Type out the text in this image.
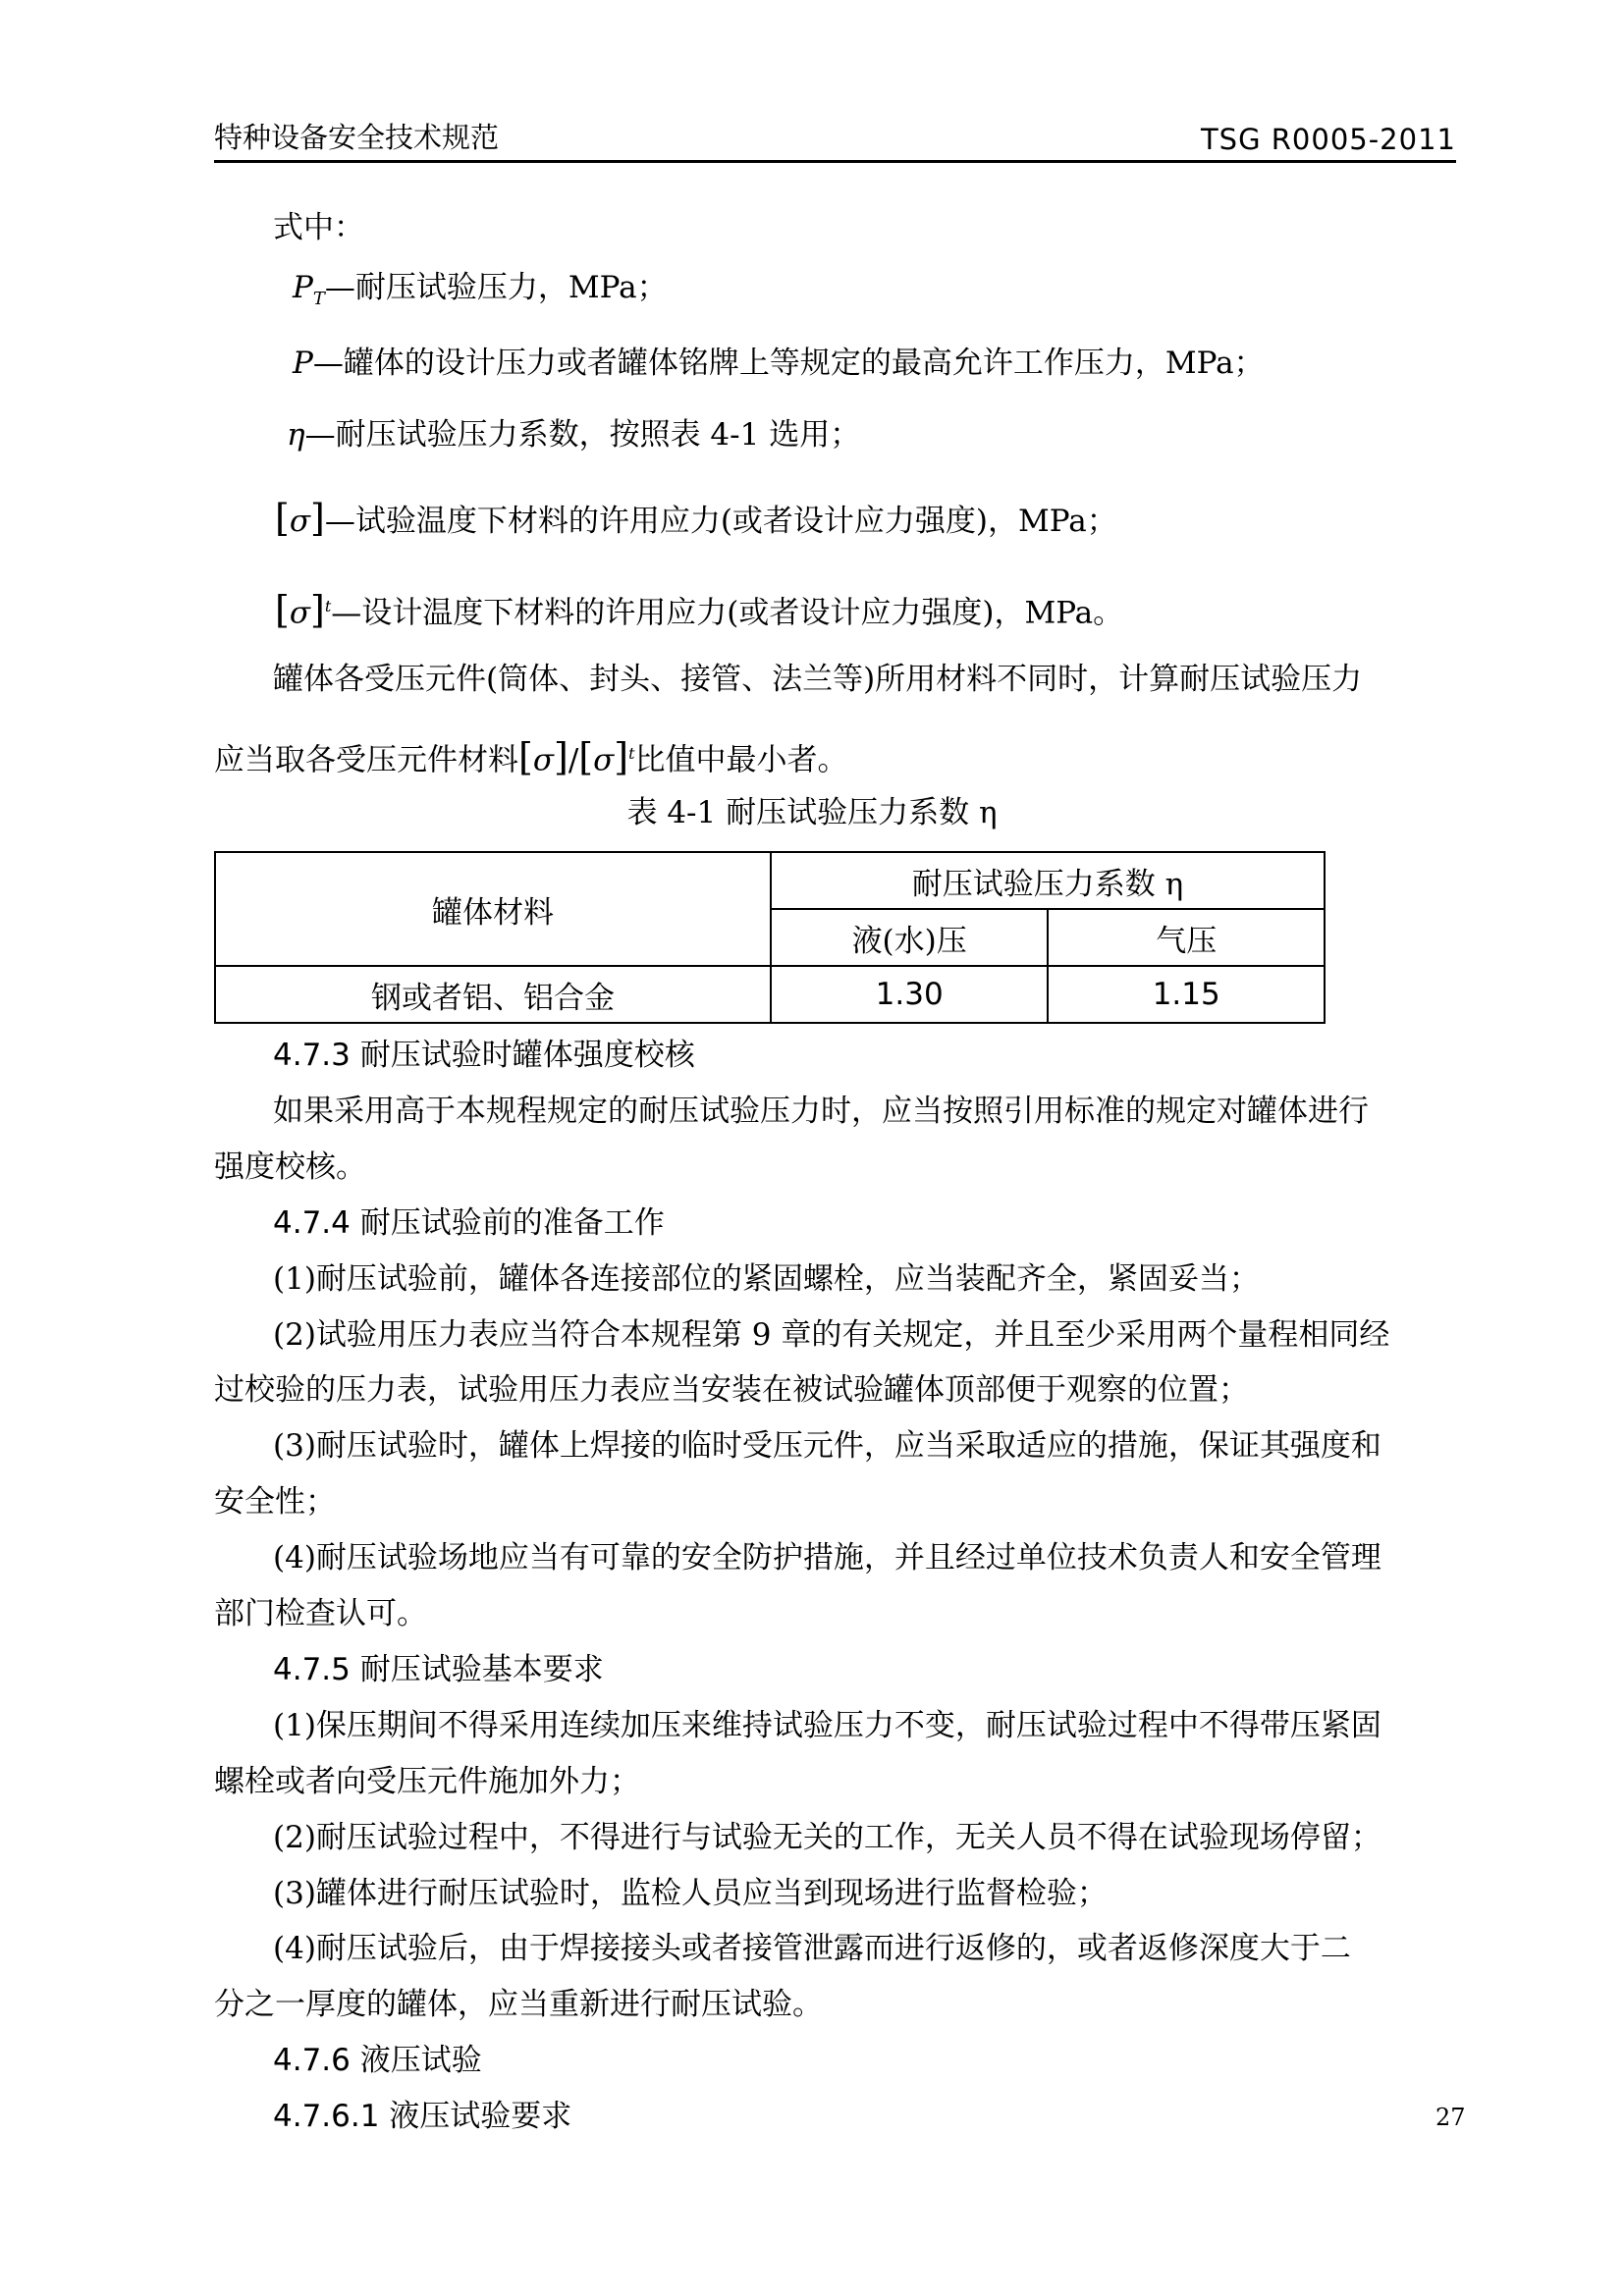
特种设备安全技术规范	TSG R0005-2011
式中：
$P_T—$耐压试验压力，MPa；
P—罐体的设计压力或者罐体铭牌上等规定的最高允许工作压力，MPa；
η—耐压试验压力系数，按照表 4-1 选用；
[σ]—试验温度下材料的许用应力(或者设计应力强度)，MPa；
$[\sigma]^t—$设计温度下材料的许用应力(或者设计应力强度)，MPa。
罐体各受压元件(筒体、封头、接管、法兰等)所用材料不同时，计算耐压试验压力
应当取各受压元件材料$[\sigma]/[\sigma]^t$比值中最小者。
表 4-1 耐压试验压力系数 η
罐体材料	耐压试验压力系数 η	
	液(水)压	气压
钢或者铝、铝合金	1.30	1.15
4.7.3 耐压试验时罐体强度校核
如果采用高于本规程规定的耐压试验压力时，应当按照引用标准的规定对罐体进行
强度校核。
4.7.4 耐压试验前的准备工作
(1)耐压试验前，罐体各连接部位的紧固螺栓，应当装配齐全，紧固妥当；
(2)试验用压力表应当符合本规程第 9 章的有关规定，并且至少采用两个量程相同经
过校验的压力表，试验用压力表应当安装在被试验罐体顶部便于观察的位置；
(3)耐压试验时，罐体上焊接的临时受压元件，应当采取适应的措施，保证其强度和
安全性；
(4)耐压试验场地应当有可靠的安全防护措施，并且经过单位技术负责人和安全管理
部门检查认可。
4.7.5 耐压试验基本要求
(1)保压期间不得采用连续加压来维持试验压力不变，耐压试验过程中不得带压紧固
螺栓或者向受压元件施加外力；
(2)耐压试验过程中，不得进行与试验无关的工作，无关人员不得在试验现场停留；
(3)罐体进行耐压试验时，监检人员应当到现场进行监督检验；
(4)耐压试验后，由于焊接接头或者接管泄露而进行返修的，或者返修深度大于二
分之一厚度的罐体，应当重新进行耐压试验。
4.7.6 液压试验
4.7.6.1 液压试验要求	27
